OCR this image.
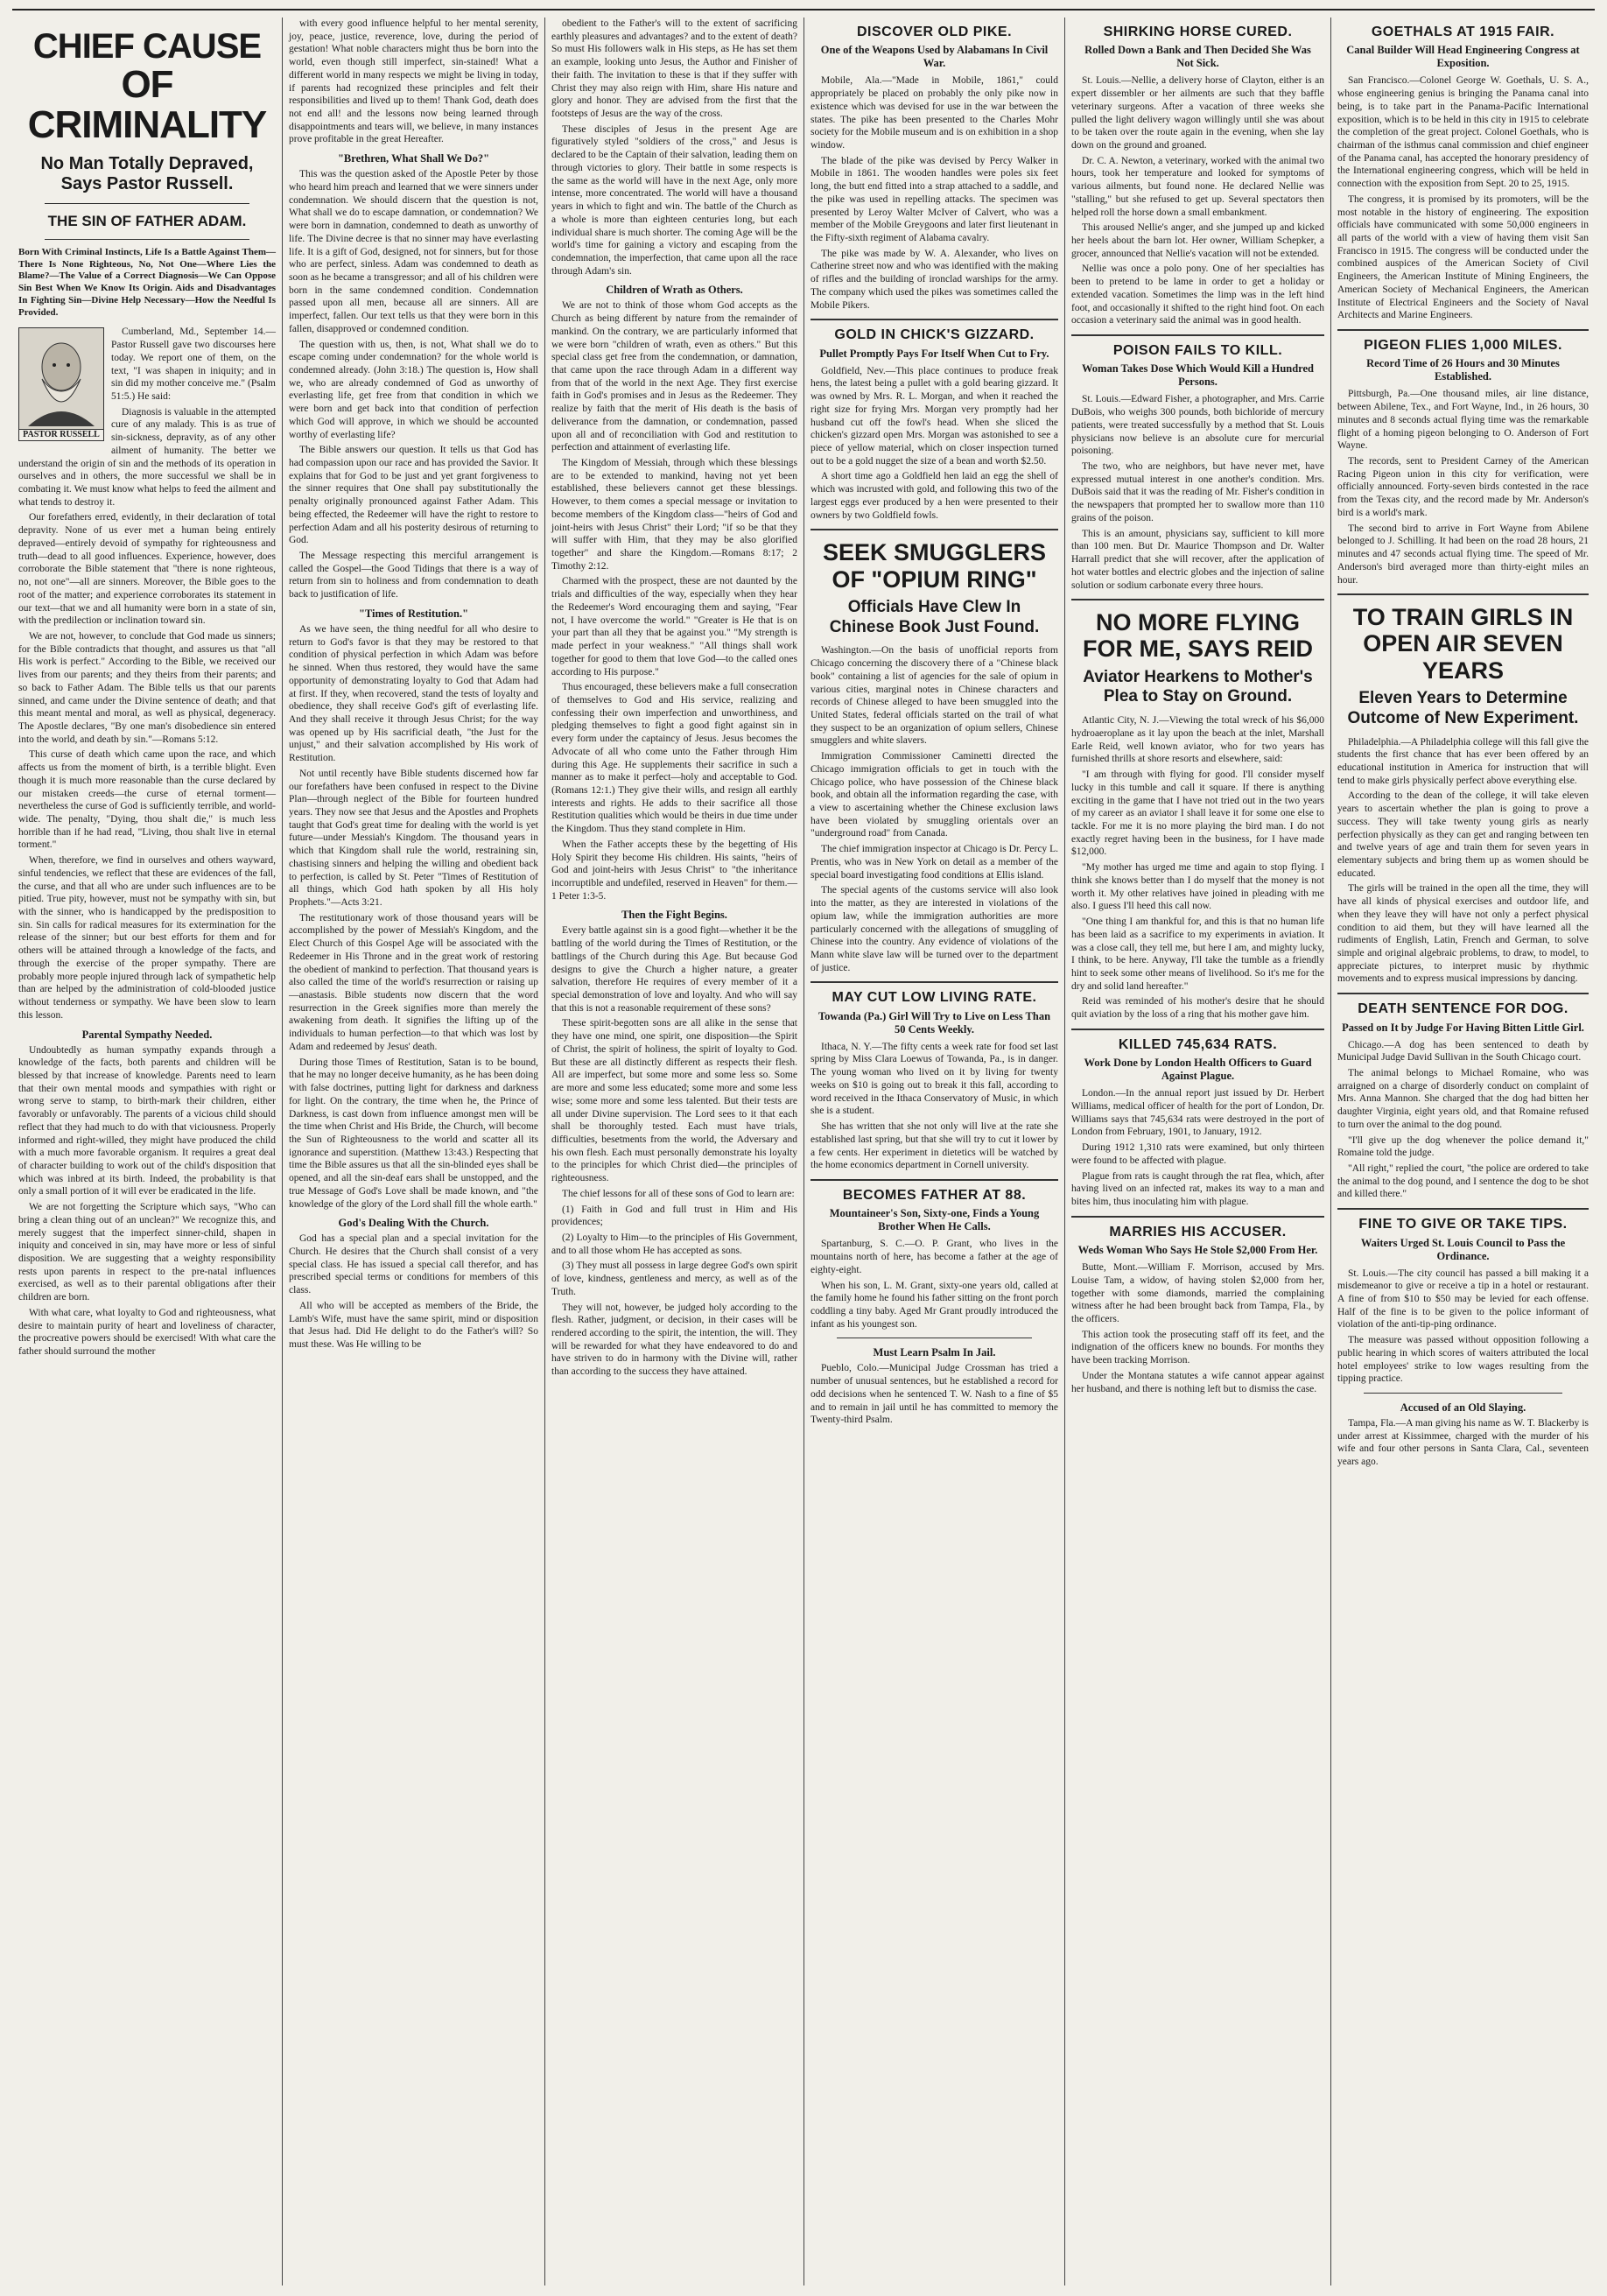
CHIEF CAUSE
OF CRIMINALITY
No Man Totally Depraved, Says Pastor Russell.
THE SIN OF FATHER ADAM.
Born With Criminal Instincts, Life Is a Battle Against Them—There Is None Righteous, No, Not One—Where Lies the Blame?—The Value of a Correct Diagnosis—We Can Oppose Sin Best When We Know Its Origin. Aids and Disadvantages In Fighting Sin—Divine Help Necessary—How the Needful Is Provided.
PASTOR RUSSELL

Cumberland, Md., September 14.—Pastor Russell gave two discourses here today. We report one of them, on the text, "I was shapen in iniquity; and in sin did my mother conceive me." (Psalm 51:5.) He said:

Diagnosis is valuable in the attempted cure of any malady. This is as true of sin-sickness, depravity, as of any other ailment of humanity. The better we understand the origin of sin and the methods of its operation in ourselves and in others, the more successful we shall be in combating it. We must know what helps to feed the ailment and what tends to destroy it.

Our forefathers erred, evidently, in their declaration of total depravity. None of us ever met a human being entirely depraved—entirely devoid of sympathy for righteousness and truth—dead to all good influences. Experience, however, does corroborate the Bible statement that "there is none righteous, no, not one"—all are sinners. Moreover, the Bible goes to the root of the matter; and experience corroborates its statement in our text—that we and all humanity were born in a state of sin, with the predilection or inclination toward sin.

We are not, however, to conclude that God made us sinners; for the Bible contradicts that thought, and assures us that "all His work is perfect." According to the Bible, we received our lives from our parents; and they theirs from their parents; and so back to Father Adam. The Bible tells us that our parents sinned, and came under the Divine sentence of death; and that this meant mental and moral, as well as physical, degeneracy. The Apostle declares, "By one man's disobedience sin entered into the world, and death by sin."—Romans 5:12.

This curse of death which came upon the race, and which affects us from the moment of birth, is a terrible blight. Even though it is much more reasonable than the curse declared by our mistaken creeds—the curse of eternal torment—nevertheless the curse of God is sufficiently terrible, and world-wide. The penalty, "Dying, thou shalt die," is much less horrible than if he had read, "Living, thou shalt live in eternal torment."

When, therefore, we find in ourselves and others wayward, sinful tendencies, we reflect that these are evidences of the fall, the curse, and that all who are under such influences are to be pitied. True pity, however, must not be sympathy with sin, but with the sinner, who is handicapped by the predisposition to sin. Sin calls for radical measures for its extermination for the release of the sinner; but our best efforts for them and for others will be attained through a knowledge of the facts, and through the exercise of the proper sympathy. There are probably more people injured through lack of sympathetic help than are helped by the administration of cold-blooded justice without tenderness or sympathy. We have been slow to learn this lesson.

Parental Sympathy Needed.

Undoubtedly as human sympathy expands through a knowledge of the facts, both parents and children will be blessed by that increase of knowledge. Parents need to learn that their own mental moods and sympathies with right or wrong serve to stamp, to birth-mark their children, either favorably or unfavorably. The parents of a vicious child should reflect that they had much to do with that viciousness. Properly informed and right-willed, they might have produced the child with a much more favorable organism. It requires a great deal of character building to work out of the child's disposition that which was inbred at its birth. Indeed, the probability is that only a small portion of it will ever be eradicated in the life.

We are not forgetting the Scripture which says, "Who can bring a clean thing out of an unclean?" We recognize this, and merely suggest that the imperfect sinner-child, shapen in iniquity and conceived in sin, may have more or less of sinful disposition. We are suggesting that a weighty responsibility rests upon parents in respect to the pre-natal influences exercised, as well as to their parental obligations after their children are born.

With what care, what loyalty to God and righteousness, what desire to maintain purity of heart and loveliness of character, the procreative powers should be exercised! With what care the father should surround the mother

with every good influence helpful to her mental serenity, joy, peace, justice, reverence, love, during the period of gestation! What noble characters might thus be born into the world, even though still imperfect, sin-stained! What a different world in many respects we might be living in today, if parents had recognized these principles and felt their responsibilities and lived up to them! Thank God, death does not end all! and the lessons now being learned through disappointments and tears will, we believe, in many instances prove profitable in the great Hereafter.

"Brethren, What Shall We Do?"

This was the question asked of the Apostle Peter by those who heard him preach and learned that we were sinners under condemnation. We should discern that the question is not, What shall we do to escape damnation, or condemnation? We were born in damnation, condemned to death as unworthy of life. The Divine decree is that no sinner may have everlasting life. It is a gift of God, designed, not for sinners, but for those who are perfect, sinless. Adam was condemned to death as soon as he became a transgressor; and all of his children were born in the same condemned condition. Condemnation passed upon all men, because all are sinners. All are imperfect, fallen. Our text tells us that they were born in this fallen, disapproved or condemned condition.

The question with us, then, is not, What shall we do to escape coming under condemnation? for the whole world is condemned already. (John 3:18.) The question is, How shall we, who are already condemned of God as unworthy of everlasting life, get free from that condition in which we were born and get back into that condition of perfection which God will approve, in which we should be accounted worthy of everlasting life?

The Bible answers our question. It tells us that God has had compassion upon our race and has provided the Savior. It explains that for God to be just and yet grant forgiveness to the sinner requires that One shall pay substitutionally the penalty originally pronounced against Father Adam. This being effected, the Redeemer will have the right to restore to perfection Adam and all his posterity desirous of returning to God.

The Message respecting this merciful arrangement is called the Gospel—the Good Tidings that there is a way of return from sin to holiness and from condemnation to death back to justification of life.

"Times of Restitution."

As we have seen, the thing needful for all who desire to return to God's favor is that they may be restored to that condition of physical perfection in which Adam was before he sinned. When thus restored, they would have the same opportunity of demonstrating loyalty to God that Adam had at first. If they, when recovered, stand the tests of loyalty and obedience, they shall receive God's gift of everlasting life. And they shall receive it through Jesus Christ; for the way was opened up by His sacrificial death, "the Just for the unjust," and their salvation accomplished by His work of Restitution.

Not until recently have Bible students discerned how far our forefathers have been confused in respect to the Divine Plan—through neglect of the Bible for fourteen hundred years. They now see that Jesus and the Apostles and Prophets taught that God's great time for dealing with the world is yet future—under Messiah's Kingdom. The thousand years in which that Kingdom shall rule the world, restraining sin, chastising sinners and helping the willing and obedient back to perfection, is called by St. Peter "Times of Restitution of all things, which God hath spoken by all His holy Prophets."—Acts 3:21.

The restitutionary work of those thousand years will be accomplished by the power of Messiah's Kingdom, and the Elect Church of this Gospel Age will be associated with the Redeemer in His Throne and in the great work of restoring the obedient of mankind to perfection. That thousand years is also called the time of the world's resurrection or raising up—anastasis. Bible students now discern that the word resurrection in the Greek signifies more than merely the awakening from death. It signifies the lifting up of the individuals to human perfection—to that which was lost by Adam and redeemed by Jesus' death.

During those Times of Restitution, Satan is to be bound, that he may no longer deceive humanity, as he has been doing with false doctrines, putting light for darkness and darkness for light. On the contrary, the time when he, the Prince of Darkness, is cast down from influence amongst men will be the time when Christ and His Bride, the Church, will become the Sun of Righteousness to the world and scatter all its ignorance and superstition. (Matthew 13:43.) Respecting that time the Bible assures us that all the sin-blinded eyes shall be opened, and all the sin-deaf ears shall be unstopped, and the true Message of God's Love shall be made known, and "the knowledge of the glory of the Lord shall fill the whole earth."

God's Dealing With the Church.

God has a special plan and a special invitation for the Church. He desires that the Church shall consist of a very special class. He has issued a special call therefor, and has prescribed special terms or conditions for members of this class.

All who will be accepted as members of the Bride, the Lamb's Wife, must have the same spirit, mind or disposition that Jesus had. Did He delight to do the Father's will? So must these. Was He willing to be

obedient to the Father's will to the extent of sacrificing earthly pleasures and advantages? and to the extent of death? So must His followers walk in His steps, as He has set them an example, looking unto Jesus, the Author and Finisher of their faith. The invitation to these is that if they suffer with Christ they may also reign with Him, share His nature and glory and honor. They are advised from the first that the footsteps of Jesus are the way of the cross.

These disciples of Jesus in the present Age are figuratively styled "soldiers of the cross," and Jesus is declared to be the Captain of their salvation, leading them on through victories to glory. Their battle in some respects is the same as the world will have in the next Age, only more intense, more concentrated. The world will have a thousand years in which to fight and win. The battle of the Church as a whole is more than eighteen centuries long, but each individual share is much shorter. The coming Age will be the world's time for gaining a victory and escaping from the condemnation, the imperfection, that came upon all the race through Adam's sin.

Children of Wrath as Others.

We are not to think of those whom God accepts as the Church as being different by nature from the remainder of mankind. On the contrary, we are particularly informed that we were born "children of wrath, even as others." But this special class get free from the condemnation, or damnation, that came upon the race through Adam in a different way from that of the world in the next Age. They first exercise faith in God's promises and in Jesus as the Redeemer. They realize by faith that the merit of His death is the basis of deliverance from the damnation, or condemnation, passed upon all and of reconciliation with God and restitution to perfection and attainment of everlasting life.

The Kingdom of Messiah, through which these blessings are to be extended to mankind, having not yet been established, these believers cannot get these blessings. However, to them comes a special message or invitation to become members of the Kingdom class—"heirs of God and joint-heirs with Jesus Christ" their Lord; "if so be that they will suffer with Him, that they may be also glorified together" and share the Kingdom.—Romans 8:17; 2 Timothy 2:12.

Charmed with the prospect, these are not daunted by the trials and difficulties of the way, especially when they hear the Redeemer's Word encouraging them and saying, "Fear not, I have overcome the world." "Greater is He that is on your part than all they that be against you." "My strength is made perfect in your weakness." "All things shall work together for good to them that love God—to the called ones according to His purpose."

Thus encouraged, these believers make a full consecration of themselves to God and His service, realizing and confessing their own imperfection and unworthiness, and pledging themselves to fight a good fight against sin in every form under the captaincy of Jesus. Jesus becomes the Advocate of all who come unto the Father through Him during this Age. He supplements their sacrifice in such a manner as to make it perfect—holy and acceptable to God. (Romans 12:1.) They give their wills, and resign all earthly interests and rights. He adds to their sacrifice all those Restitution qualities which would be theirs in due time under the Kingdom. Thus they stand complete in Him.

When the Father accepts these by the begetting of His Holy Spirit they become His children. His saints, "heirs of God and joint-heirs with Jesus Christ" to "the inheritance incorruptible and undefiled, reserved in Heaven" for them.—1 Peter 1:3-5.

Then the Fight Begins.

Every battle against sin is a good fight—whether it be the battling of the world during the Times of Restitution, or the battlings of the Church during this Age. But because God designs to give the Church a higher nature, a greater salvation, therefore He requires of every member of it a special demonstration of love and loyalty. And who will say that this is not a reasonable requirement of these sons?

These spirit-begotten sons are all alike in the sense that they have one mind, one spirit, one disposition—the Spirit of Christ, the spirit of holiness, the spirit of loyalty to God. But these are all distinctly different as respects their flesh. All are imperfect, but some more and some less so. Some are more and some less educated; some more and some less wise; some more and some less talented. But their tests are all under Divine supervision. The Lord sees to it that each shall be thoroughly tested. Each must have trials, difficulties, besetments from the world, the Adversary and his own flesh. Each must personally demonstrate his loyalty to the principles for which Christ died—the principles of righteousness.

The chief lessons for all of these sons of God to learn are:

(1) Faith in God and full trust in Him and His providences;

(2) Loyalty to Him—to the principles of His Government, and to all those whom He has accepted as sons.

(3) They must all possess in large degree God's own spirit of love, kindness, gentleness and mercy, as well as of the Truth.

They will not, however, be judged holy according to the flesh. Rather, judgment, or decision, in their cases will be rendered according to the spirit, the intention, the will. They will be rewarded for what they have endeavored to do and have striven to do in harmony with the Divine will, rather than according to the success they have attained.

DISCOVER OLD PIKE.
One of the Weapons Used by Alabamans In Civil War.

Mobile, Ala.—"Made in Mobile, 1861," could appropriately be placed on probably the only pike now in existence which was devised for use in the war between the states. The pike has been presented to the Charles Mohr society for the Mobile museum and is on exhibition in a shop window.

The blade of the pike was devised by Percy Walker in Mobile in 1861. The wooden handles were poles six feet long, the butt end fitted into a strap attached to a saddle, and the pike was used in repelling attacks. The specimen was presented by Leroy Walter McIver of Calvert, who was a member of the Mobile Greygoons and later first lieutenant in the Fifty-sixth regiment of Alabama cavalry.

The pike was made by W. A. Alexander, who lives on Catherine street now and who was identified with the making of rifles and the building of ironclad warships for the army. The company which used the pikes was sometimes called the Mobile Pikers.

GOLD IN CHICK'S GIZZARD.
Pullet Promptly Pays For Itself When Cut to Fry.

Goldfield, Nev.—This place continues to produce freak hens, the latest being a pullet with a gold bearing gizzard. It was owned by Mrs. R. L. Morgan, and when it reached the right size for frying Mrs. Morgan very promptly had her husband cut off the fowl's head. When she sliced the chicken's gizzard open Mrs. Morgan was astonished to see a piece of yellow material, which on closer inspection turned out to be a gold nugget the size of a bean and worth $2.50.

A short time ago a Goldfield hen laid an egg the shell of which was incrusted with gold, and following this two of the largest eggs ever produced by a hen were presented to their owners by two Goldfield fowls.

SEEK SMUGGLERS
OF "OPIUM RING"
Officials Have Clew In Chinese Book Just Found.

Washington.—On the basis of unofficial reports from Chicago concerning the discovery there of a "Chinese black book" containing a list of agencies for the sale of opium in various cities, marginal notes in Chinese characters and records of Chinese alleged to have been smuggled into the United States, federal officials started on the trail of what they suspect to be an organization of opium sellers, Chinese smugglers and white slavers.

Immigration Commissioner Caminetti directed the Chicago immigration officials to get in touch with the Chicago police, who have possession of the Chinese black book, and obtain all the information regarding the case, with a view to ascertaining whether the Chinese exclusion laws have been violated by smuggling orientals over an "underground road" from Canada.

The chief immigration inspector at Chicago is Dr. Percy L. Prentis, who was in New York on detail as a member of the special board investigating food conditions at Ellis island.

The special agents of the customs service will also look into the matter, as they are interested in violations of the opium law, while the immigration authorities are more particularly concerned with the allegations of smuggling of Chinese into the country. Any evidence of violations of the Mann white slave law will be turned over to the department of justice.

MAY CUT LOW LIVING RATE.
Towanda (Pa.) Girl Will Try to Live on Less Than 50 Cents Weekly.

Ithaca, N. Y.—The fifty cents a week rate for food set last spring by Miss Clara Loewus of Towanda, Pa., is in danger. The young woman who lived on it by living for twenty weeks on $10 is going out to break it this fall, according to word received in the Ithaca Conservatory of Music, in which she is a student.

She has written that she not only will live at the rate she established last spring, but that she will try to cut it lower by a few cents. Her experiment in dietetics will be watched by the home economics department in Cornell university.

BECOMES FATHER AT 88.
Mountaineer's Son, Sixty-one, Finds a Young Brother When He Calls.

Spartanburg, S. C.—O. P. Grant, who lives in the mountains north of here, has become a father at the age of eighty-eight.

When his son, L. M. Grant, sixty-one years old, called at the family home he found his father sitting on the front porch coddling a tiny baby. Aged Mr Grant proudly introduced the infant as his youngest son.

Must Learn Psalm In Jail.

Pueblo, Colo.—Municipal Judge Crossman has tried a number of unusual sentences, but he established a record for odd decisions when he sentenced T. W. Nash to a fine of $5 and to remain in jail until he has committed to memory the Twenty-third Psalm.

SHIRKING HORSE CURED.
Rolled Down a Bank and Then Decided She Was Not Sick.

St. Louis.—Nellie, a delivery horse of Clayton, either is an expert dissembler or her ailments are such that they baffle veterinary surgeons. After a vacation of three weeks she pulled the light delivery wagon willingly until she was about to be taken over the route again in the evening, when she lay down on the ground and groaned.

Dr. C. A. Newton, a veterinary, worked with the animal two hours, took her temperature and looked for symptoms of various ailments, but found none. He declared Nellie was "stalling," but she refused to get up. Several spectators then helped roll the horse down a small embankment.

This aroused Nellie's anger, and she jumped up and kicked her heels about the barn lot. Her owner, William Schepker, a grocer, announced that Nellie's vacation will not be extended.

Nellie was once a polo pony. One of her specialties has been to pretend to be lame in order to get a holiday or extended vacation. Sometimes the limp was in the left hind foot, and occasionally it shifted to the right hind foot. On each occasion a veterinary said the animal was in good health.

POISON FAILS TO KILL.
Woman Takes Dose Which Would Kill a Hundred Persons.

St. Louis.—Edward Fisher, a photographer, and Mrs. Carrie DuBois, who weighs 300 pounds, both bichloride of mercury patients, were treated successfully by a method that St. Louis physicians now believe is an absolute cure for mercurial poisoning.

The two, who are neighbors, but have never met, have expressed mutual interest in one another's condition. Mrs. DuBois said that it was the reading of Mr. Fisher's condition in the newspapers that prompted her to swallow more than 110 grains of the poison.

This is an amount, physicians say, sufficient to kill more than 100 men. But Dr. Maurice Thompson and Dr. Walter Harrall predict that she will recover, after the application of hot water bottles and electric globes and the injection of saline solution or sodium carbonate every three hours.

NO MORE FLYING
FOR ME, SAYS REID
Aviator Hearkens to Mother's Plea to Stay on Ground.

Atlantic City, N. J.—Viewing the total wreck of his $6,000 hydroaeroplane as it lay upon the beach at the inlet, Marshall Earle Reid, well known aviator, who for two years has furnished thrills at shore resorts and elsewhere, said:

"I am through with flying for good. I'll consider myself lucky in this tumble and call it square. If there is anything exciting in the game that I have not tried out in the two years of my career as an aviator I shall leave it for some one else to tackle. For me it is no more playing the bird man. I do not exactly regret having been in the business, for I have made $12,000.

"My mother has urged me time and again to stop flying. I think she knows better than I do myself that the money is not worth it. My other relatives have joined in pleading with me also. I guess I'll heed this call now.

"One thing I am thankful for, and this is that no human life has been laid as a sacrifice to my experiments in aviation. It was a close call, they tell me, but here I am, and mighty lucky, I think, to be here. Anyway, I'll take the tumble as a friendly hint to seek some other means of livelihood. So it's me for the dry and solid land hereafter."

Reid was reminded of his mother's desire that he should quit aviation by the loss of a ring that his mother gave him.

KILLED 745,634 RATS.
Work Done by London Health Officers to Guard Against Plague.

London.—In the annual report just issued by Dr. Herbert Williams, medical officer of health for the port of London, Dr. Williams says that 745,634 rats were destroyed in the port of London from February, 1901, to January, 1912.

During 1912 1,310 rats were examined, but only thirteen were found to be affected with plague.

Plague from rats is caught through the rat flea, which, after having lived on an infected rat, makes its way to a man and bites him, thus inoculating him with plague.

MARRIES HIS ACCUSER.
Weds Woman Who Says He Stole $2,000 From Her.

Butte, Mont.—William F. Morrison, accused by Mrs. Louise Tam, a widow, of having stolen $2,000 from her, together with some diamonds, married the complaining witness after he had been brought back from Tampa, Fla., by the officers.

This action took the prosecuting staff off its feet, and the indignation of the officers knew no bounds. For months they have been tracking Morrison.

Under the Montana statutes a wife cannot appear against her husband, and there is nothing left but to dismiss the case.

GOETHALS AT 1915 FAIR.
Canal Builder Will Head Engineering Congress at Exposition.

San Francisco.—Colonel George W. Goethals, U. S. A., whose engineering genius is bringing the Panama canal into being, is to take part in the Panama-Pacific International exposition, which is to be held in this city in 1915 to celebrate the completion of the great project. Colonel Goethals, who is chairman of the isthmus canal commission and chief engineer of the Panama canal, has accepted the honorary presidency of the International engineering congress, which will be held in connection with the exposition from Sept. 20 to 25, 1915.

The congress, it is promised by its promoters, will be the most notable in the history of engineering. The exposition officials have communicated with some 50,000 engineers in all parts of the world with a view of having them visit San Francisco in 1915. The congress will be conducted under the combined auspices of the American Society of Civil Engineers, the American Institute of Mining Engineers, the American Society of Mechanical Engineers, the American Institute of Electrical Engineers and the Society of Naval Architects and Marine Engineers.

PIGEON FLIES 1,000 MILES.
Record Time of 26 Hours and 30 Minutes Established.

Pittsburgh, Pa.—One thousand miles, air line distance, between Abilene, Tex., and Fort Wayne, Ind., in 26 hours, 30 minutes and 8 seconds actual flying time was the remarkable flight of a homing pigeon belonging to O. Anderson of Fort Wayne.

The records, sent to President Carney of the American Racing Pigeon union in this city for verification, were officially announced. Forty-seven birds contested in the race from the Texas city, and the record made by Mr. Anderson's bird is a world's mark.

The second bird to arrive in Fort Wayne from Abilene belonged to J. Schilling. It had been on the road 28 hours, 21 minutes and 47 seconds actual flying time. The speed of Mr. Anderson's bird averaged more than thirty-eight miles an hour.

TO TRAIN GIRLS IN
OPEN AIR SEVEN YEARS
Eleven Years to Determine Outcome of New Experiment.

Philadelphia.—A Philadelphia college will this fall give the students the first chance that has ever been offered by an educational institution in America for instruction that will tend to make girls physically perfect above everything else.

According to the dean of the college, it will take eleven years to ascertain whether the plan is going to prove a success. They will take twenty young girls as nearly perfection physically as they can get and ranging between ten and twelve years of age and train them for seven years in elementary subjects and bring them up as women should be educated.

The girls will be trained in the open all the time, they will have all kinds of physical exercises and outdoor life, and when they leave they will have not only a perfect physical condition to aid them, but they will have learned all the rudiments of English, Latin, French and German, to solve simple and original algebraic problems, to draw, to model, to appreciate pictures, to interpret music by rhythmic movements and to express musical impressions by dancing.

DEATH SENTENCE FOR DOG.
Passed on It by Judge For Having Bitten Little Girl.

Chicago.—A dog has been sentenced to death by Municipal Judge David Sullivan in the South Chicago court.

The animal belongs to Michael Romaine, who was arraigned on a charge of disorderly conduct on complaint of Mrs. Anna Mannon. She charged that the dog had bitten her daughter Virginia, eight years old, and that Romaine refused to turn over the animal to the dog pound.

"I'll give up the dog whenever the police demand it," Romaine told the judge.

"All right," replied the court, "the police are ordered to take the animal to the dog pound, and I sentence the dog to be shot and killed there."

FINE TO GIVE OR TAKE TIPS.
Waiters Urged St. Louis Council to Pass the Ordinance.

St. Louis.—The city council has passed a bill making it a misdemeanor to give or receive a tip in a hotel or restaurant. A fine of from $10 to $50 may be levied for each offense. Half of the fine is to be given to the police informant of violation of the anti-tip-ping ordinance.

The measure was passed without opposition following a public hearing in which scores of waiters attributed the local hotel employees' strike to low wages resulting from the tipping practice.

Accused of an Old Slaying.

Tampa, Fla.—A man giving his name as W. T. Blackerby is under arrest at Kissimmee, charged with the murder of his wife and four other persons in Santa Clara, Cal., seventeen years ago.
